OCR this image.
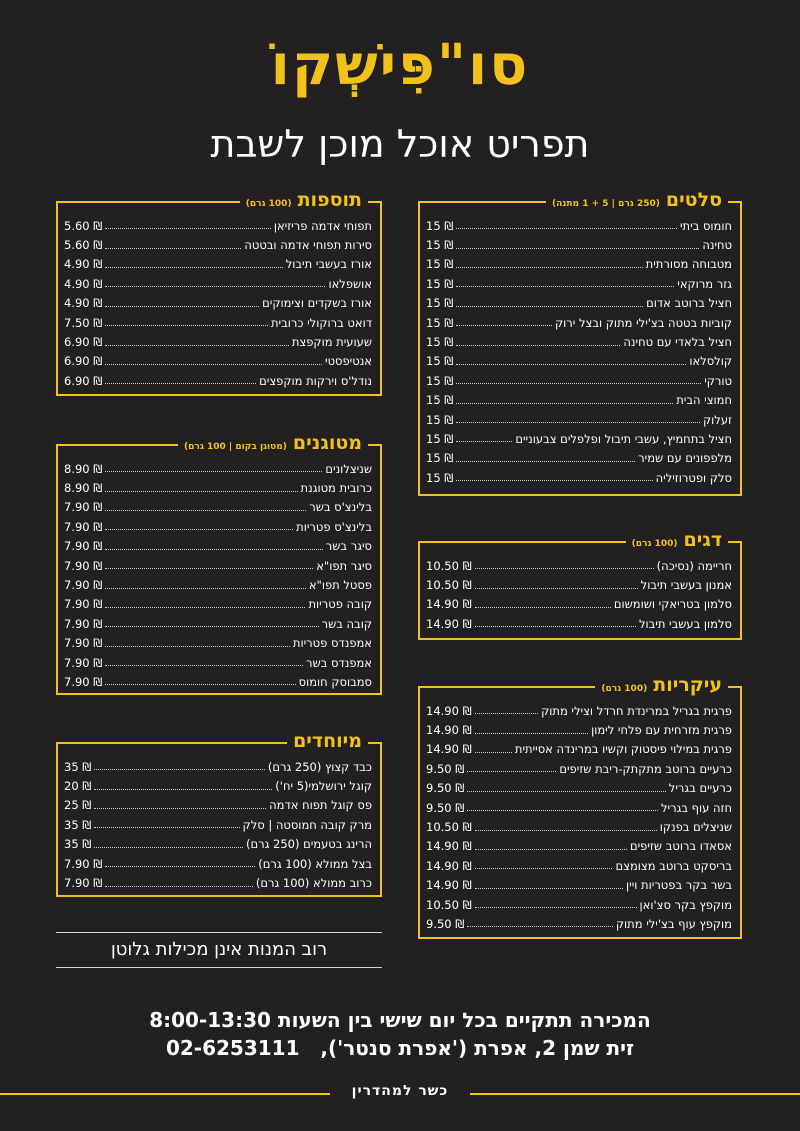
סו"פִּישְׁקוֹ
תפריט אוכל מוכן לשבת
סלטים
(250 גרם | 5 + 1 מתנה)
חומוס ביתי
15 ₪
טחינה
15 ₪
מטבוחה מסורתית
15 ₪
גזר מרוקאי
15 ₪
חציל ברוטב אדום
15 ₪
קוביות בטטה בצ'ילי מתוק ובצל ירוק
15 ₪
חציל בלאדי עם טחינה
15 ₪
קולסלאו
15 ₪
טורקי
15 ₪
חמוצי הבית
15 ₪
זעלוק
15 ₪
חציל בתחמיץ, עשבי תיבול ופלפלים צבעוניים
15 ₪
מלפפונים עם שמיר
15 ₪
סלק ופטרוזיליה
15 ₪
תוספות
(100 גרם)
תפוחי אדמה פריזיאן
5.60 ₪
סירות תפוחי אדמה ובטטה
5.60 ₪
אורז בעשבי תיבול
4.90 ₪
אושפלאו
4.90 ₪
אורז בשקדים וצימוקים
4.90 ₪
דואט ברוקולי כרובית
7.50 ₪
שעועית מוקפצת
6.90 ₪
אנטיפסטי
6.90 ₪
נודל'ס וירקות מוקפצים
6.90 ₪
דגים
(100 גרם)
חריימה (נסיכה)
10.50 ₪
אמנון בעשבי תיבול
10.50 ₪
סלמון בטריאקי ושומשום
14.90 ₪
סלמון בעשבי תיבול
14.90 ₪
מטוגנים
(מטוגן בקום | 100 גרם)
שניצלונים
8.90 ₪
כרובית מטוגנת
8.90 ₪
בלינצ'ס בשר
7.90 ₪
בלינצ'ס פטריות
7.90 ₪
סיגר בשר
7.90 ₪
סיגר תפו"א
7.90 ₪
פסטל תפו"א
7.90 ₪
קובה פטריות
7.90 ₪
קובה בשר
7.90 ₪
אמפנדס פטריות
7.90 ₪
אמפנדס בשר
7.90 ₪
סמבוסק חומוס
7.90 ₪	עיקריות
(100 גרם)
פרגית בגריל במרינדת חרדל וצילי מתוק
14.90 ₪
פרגית מזרחית עם פלחי לימון
14.90 ₪
פרגית במילוי פיסטוק וקשיו במרינדה אסייתית
14.90 ₪
כרעיים ברוטב מתקתק-ריבת שזיפים
9.50 ₪
כרעיים בגריל
9.50 ₪
חזה עוף בגריל
9.50 ₪
שניצלים בפנקו
10.50 ₪
אסאדו ברוטב שזיפים
14.90 ₪
בריסקט ברוטב מצומצם
14.90 ₪
בשר בקר בפטריות ויין
14.90 ₪
מוקפץ בקר סצ'ואן
10.50 ₪
מוקפץ עוף בצ'ילי מתוק
9.50 ₪
מיוחדים
כבד קצוץ (250 גרם)
35 ₪
קוגל ירושלמי(5 יח')
20 ₪
פס קוגל תפוח אדמה
25 ₪
מרק קובה חמוסטה | סלק
35 ₪
הרינג בטעמים (250 גרם)
35 ₪
בצל ממולא (100 גרם)
7.90 ₪
כרוב ממולא (100 גרם)
7.90 ₪
רוב המנות אינן מכילות גלוטן
המכירה תתקיים בכל יום שישי בין השעות 8:00-13:30
זית שמן 2, אפרת ('אפרת סנטר'),   02-6253111
כשר למהדרין
